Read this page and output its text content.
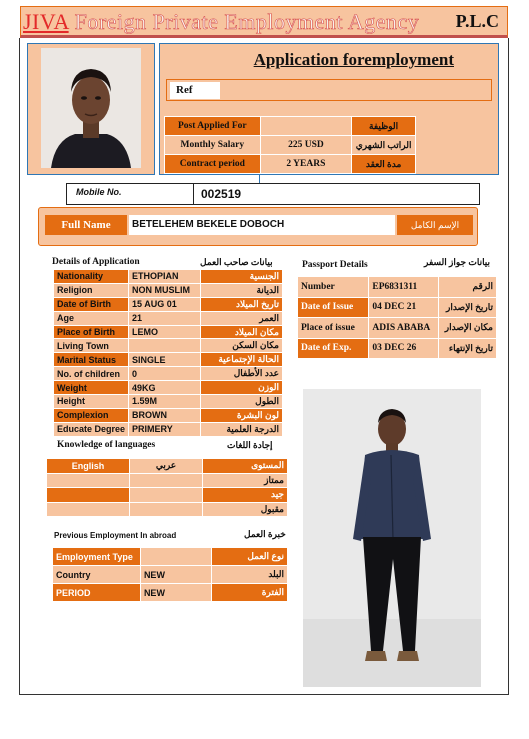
JIVA Foreign Private Employment Agency P.L.C
Application foremployment
Ref
Post Applied For		الوظيفة
Monthly Salary	225 USD	الراتب الشهري
Contract period	2 YEARS	مدة العقد
Mobile No.	002519
Full Name	BETELEHEM BEKELE DOBOCH	الإسم الكامل
Details of Application	بيانات صاحب العمل	Passport Details	بيانات جواز السفر
Nationality	ETHOPIAN	الجنسية
Religion	NON MUSLIM	الديانة
Date of Birth	15 AUG 01	تاريخ الميلاد
Age	21	العمر
Place of Birth	LEMO	مكان الميلاد
Living Town		مكان السكن
Marital Status	SINGLE	الحالة الإجتماعية
No. of children	0	عدد الأطفال
Weight	49KG	الوزن
Height	1.59M	الطول
Complexion	BROWN	لون البشرة
Educate Degree	PRIMERY	الدرجة العلمية
Number	EP6831311	الرقم
Date of Issue	04 DEC 21	تاريخ الإصدار
Place of issue	ADIS ABABA	مكان الإصدار
Date of Exp.	03 DEC 26	تاريخ الإنتهاء
Knowledge of languages	إجادة اللغات
English	عربي	المستوى
		ممتاز
		جيد
		مقبول
Previous Employment In abroad	خبرة العمل
Employment Type		نوع العمل
Country	NEW	البلد
PERIOD	NEW	الفترة
